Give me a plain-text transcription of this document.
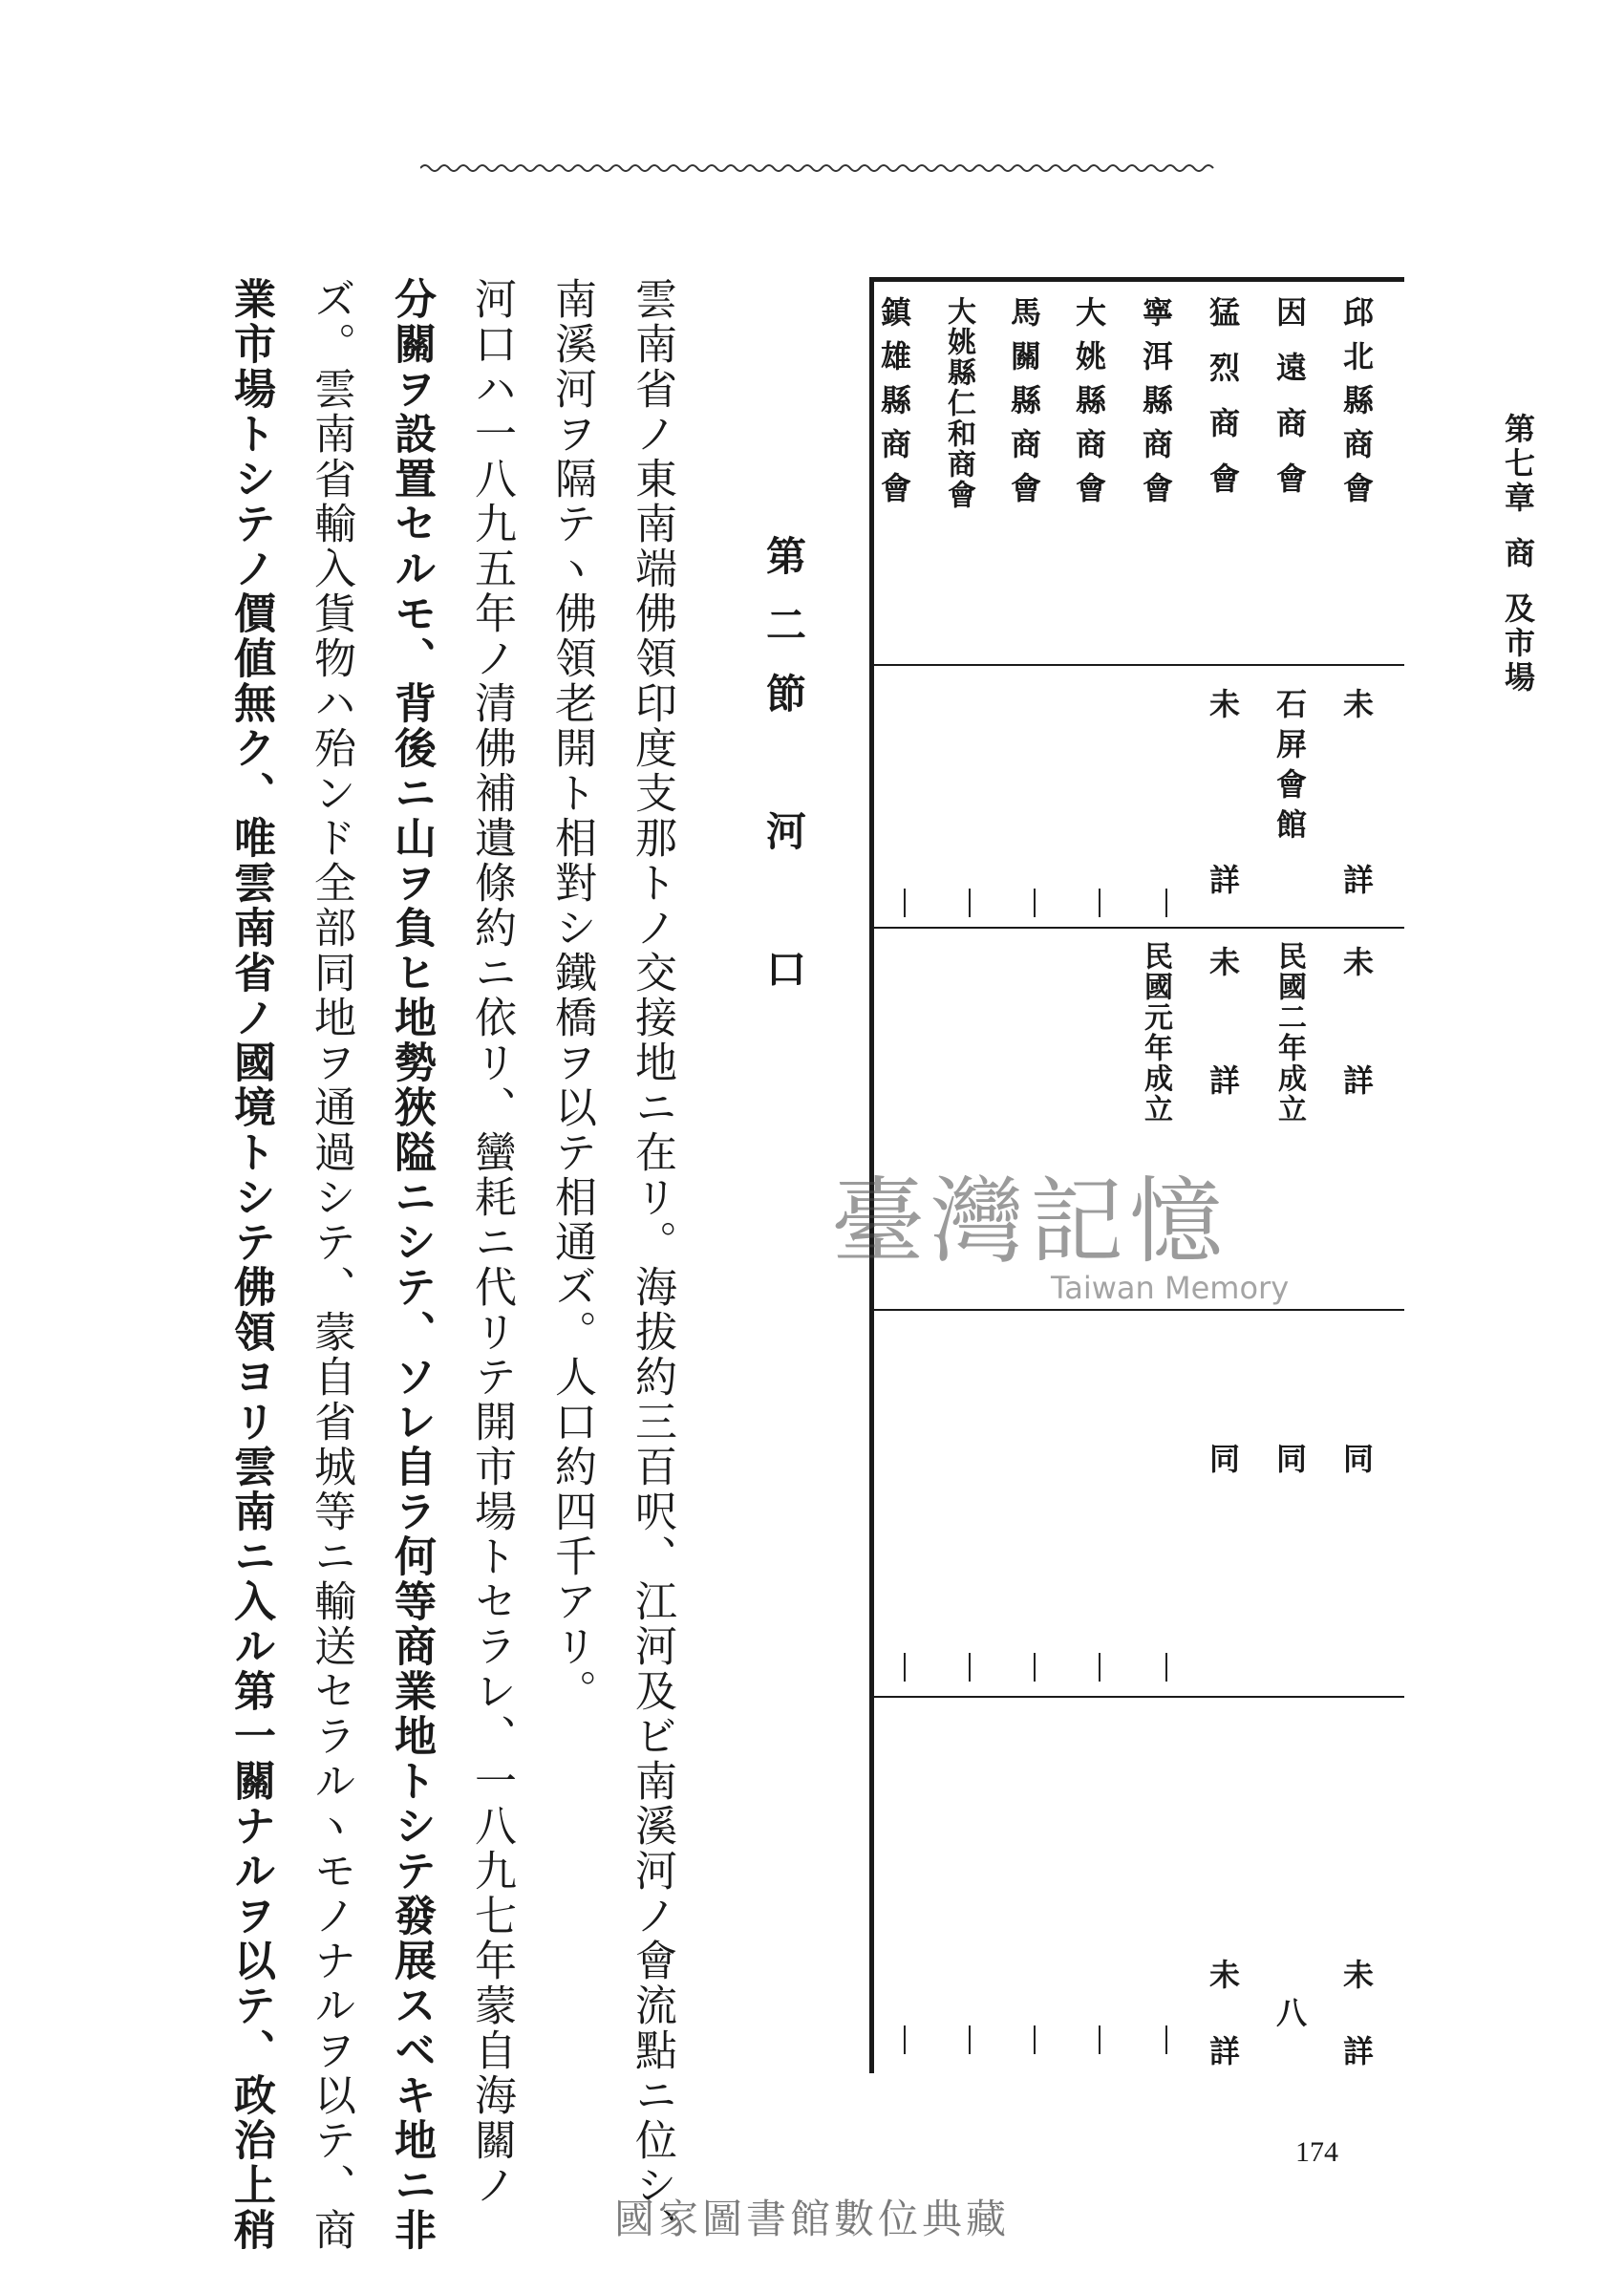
第七章商及市場
邱北縣商會
因遠商會
猛烈商會
寧洱縣商會
大姚縣商會
馬關縣商會
大姚縣仁和商會
鎮雄縣商會
未　詳
石屏會館
未　詳
未　詳
民國二年成立
未　詳
民國元年成立
同
同
同
未　詳
八
未　詳
第二節　河　口
雲南省ノ東南端佛領印度支那トノ交接地ニ在リ。海拔約三百呎、江河及ビ南溪河ノ會流點ニ位シ、
南溪河ヲ隔テヽ佛領老開ト相對シ鐵橋ヲ以テ相通ズ。人口約四千アリ。
河口ハ一八九五年ノ清佛補遺條約ニ依リ、蠻耗ニ代リテ開市場トセラレ、一八九七年蒙自海關ノ
分關ヲ設置セルモ、背後ニ山ヲ負ヒ地勢狹隘ニシテ、ソレ自ラ何等商業地トシテ發展スベキ地ニ非
ズ。雲南省輸入貨物ハ殆ンド全部同地ヲ通過シテ、蒙自省城等ニ輸送セラルヽモノナルヲ以テ、商
業市場トシテノ價値無ク、唯雲南省ノ國境トシテ佛領ヨリ雲南ニ入ル第一關ナルヲ以テ、政治上稍	臺灣記憶
Taiwan Memory
174
國家圖書館數位典藏
